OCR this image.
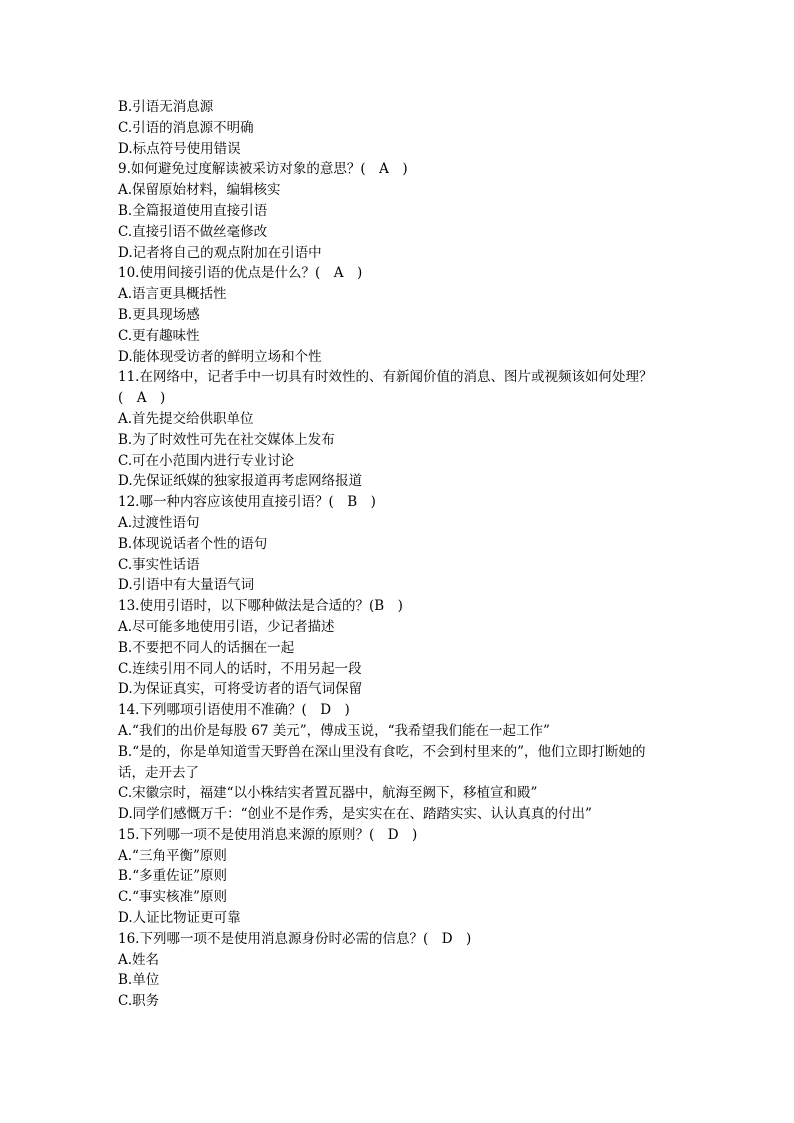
B.引语无消息源
C.引语的消息源不明确
D.标点符号使用错误
9.如何避免过度解读被采访对象的意思？(　A　)
A.保留原始材料，编辑核实
B.全篇报道使用直接引语
C.直接引语不做丝毫修改
D.记者将自己的观点附加在引语中
10.使用间接引语的优点是什么？(　A　)
A.语言更具概括性
B.更具现场感
C.更有趣味性
D.能体现受访者的鲜明立场和个性
11.在网络中，记者手中一切具有时效性的、有新闻价值的消息、图片或视频该如何处理？
(　A　)
A.首先提交给供职单位
B.为了时效性可先在社交媒体上发布
C.可在小范围内进行专业讨论
D.先保证纸媒的独家报道再考虑网络报道
12.哪一种内容应该使用直接引语？(　B　)
A.过渡性语句
B.体现说话者个性的语句
C.事实性话语
D.引语中有大量语气词
13.使用引语时，以下哪种做法是合适的？(B　)
A.尽可能多地使用引语，少记者描述
B.不要把不同人的话捆在一起
C.连续引用不同人的话时，不用另起一段
D.为保证真实，可将受访者的语气词保留
14.下列哪项引语使用不准确？(　D　)
A.“我们的出价是每股 67 美元”，傅成玉说，“我希望我们能在一起工作”
B.“是的，你是单知道雪天野兽在深山里没有食吃，不会到村里来的”，他们立即打断她的
话，走开去了
C.宋徽宗时，福建“以小株结实者置瓦器中，航海至阙下，移植宣和殿”
D.同学们感慨万千：“创业不是作秀，是实实在在、踏踏实实、认认真真的付出”
15.下列哪一项不是使用消息来源的原则？(　D　)
A.“三角平衡”原则
B.“多重佐证”原则
C.“事实核准”原则
D.人证比物证更可靠
16.下列哪一项不是使用消息源身份时必需的信息？(　D　)
A.姓名
B.单位
C.职务
